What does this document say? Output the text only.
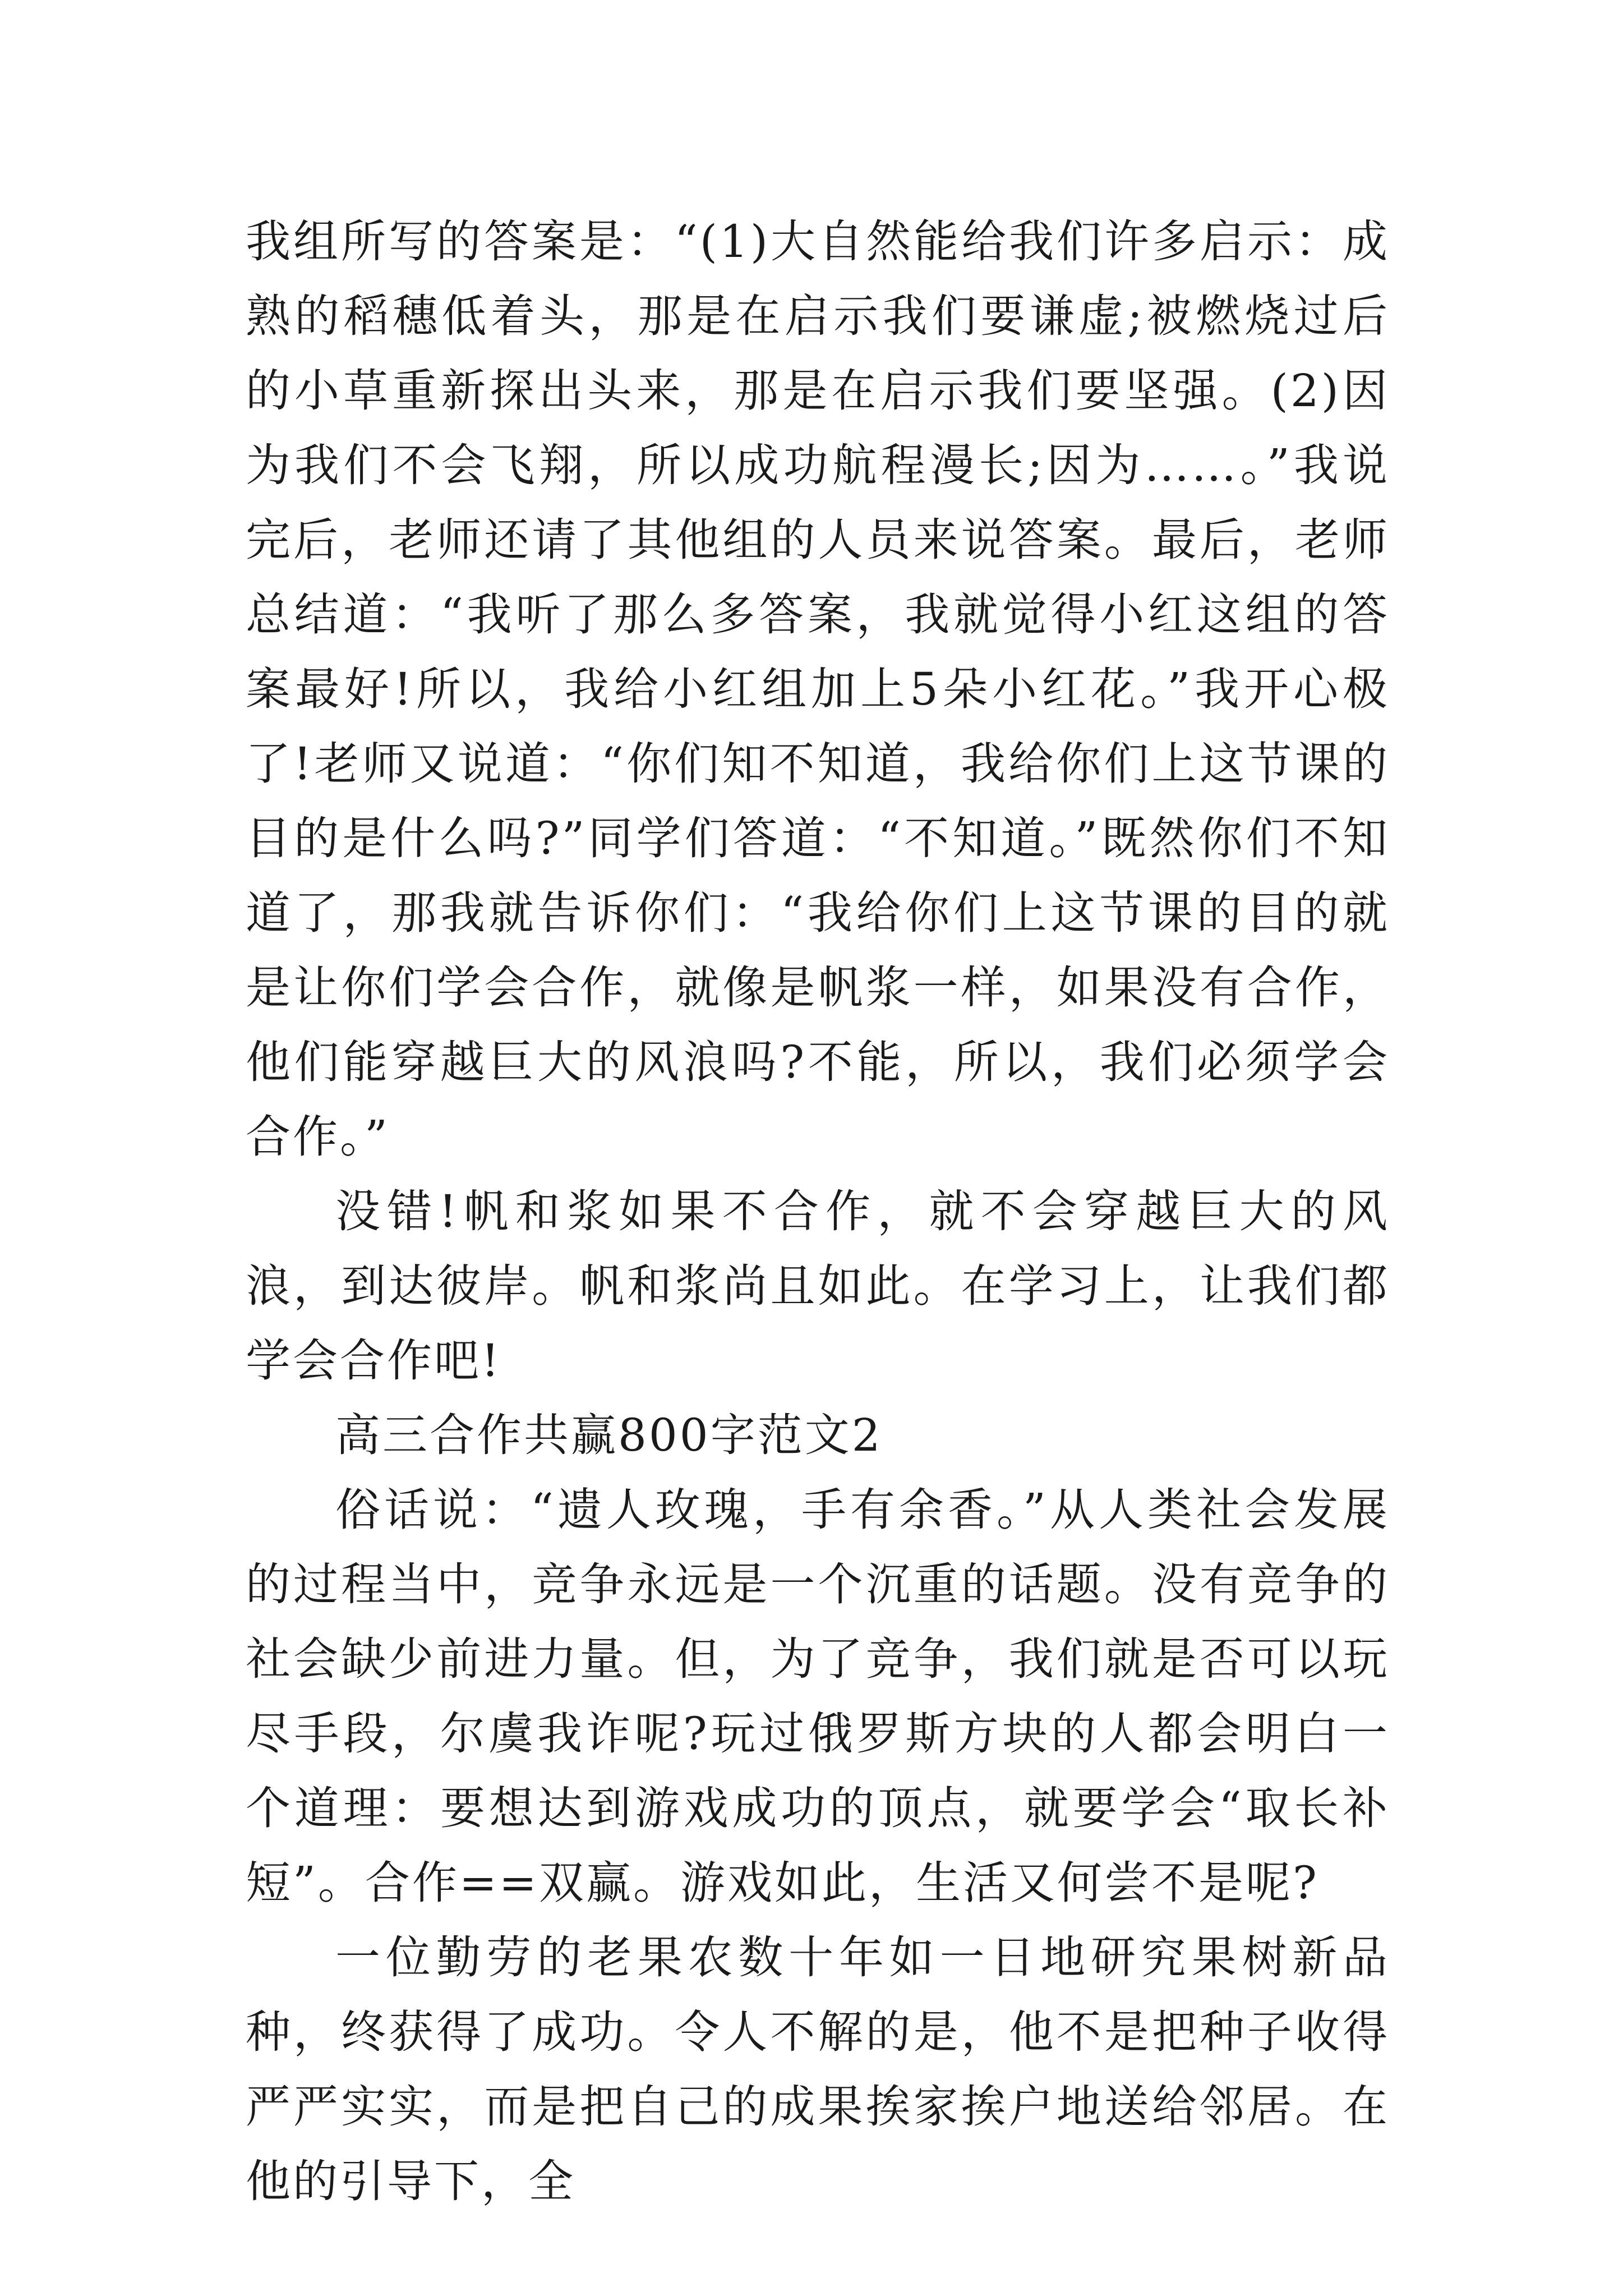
我组所写的答案是：“(1)大自然能给我们许多启示：成熟的稻穗低着头，那是在启示我们要谦虚;被燃烧过后的小草重新探出头来，那是在启示我们要坚强。(2)因为我们不会飞翔，所以成功航程漫长;因为……。”我说完后，老师还请了其他组的人员来说答案。最后，老师总结道：“我听了那么多答案，我就觉得小红这组的答案最好!所以，我给小红组加上5朵小红花。”我开心极了!老师又说道：“你们知不知道，我给你们上这节课的目的是什么吗?”同学们答道：“不知道。”既然你们不知道了，那我就告诉你们：“我给你们上这节课的目的就是让你们学会合作，就像是帆浆一样，如果没有合作，他们能穿越巨大的风浪吗?不能，所以，我们必须学会合作。”

没错!帆和浆如果不合作，就不会穿越巨大的风浪，到达彼岸。帆和浆尚且如此。在学习上，让我们都学会合作吧!

高三合作共赢800字范文2

俗话说：“遗人玫瑰，手有余香。”从人类社会发展的过程当中，竞争永远是一个沉重的话题。没有竞争的社会缺少前进力量。但，为了竞争，我们就是否可以玩尽手段，尔虞我诈呢?玩过俄罗斯方块的人都会明白一个道理：要想达到游戏成功的顶点，就要学会“取长补短”。合作==双赢。游戏如此，生活又何尝不是呢?

一位勤劳的老果农数十年如一日地研究果树新品种，终获得了成功。令人不解的是，他不是把种子收得严严实实，而是把自己的成果挨家挨户地送给邻居。在他的引导下，全
